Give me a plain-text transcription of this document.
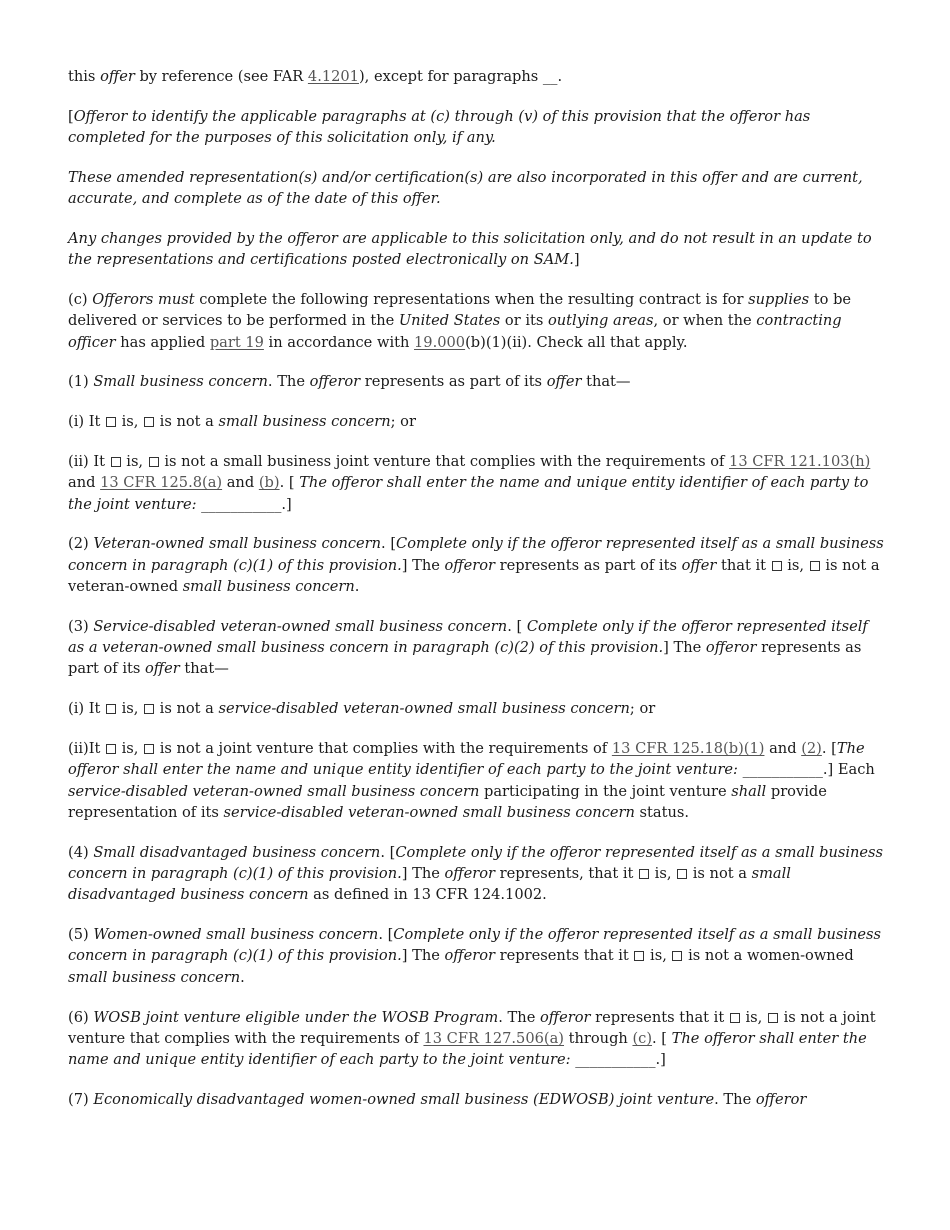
this offer by reference (see FAR 4.1201), except for paragraphs __.

[Offeror to identify the applicable paragraphs at (c) through (v) of this provision that the offeror has completed for the purposes of this solicitation only, if any.

These amended representation(s) and/or certification(s) are also incorporated in this offer and are current, accurate, and complete as of the date of this offer.

Any changes provided by the offeror are applicable to this solicitation only, and do not result in an update to the representations and certifications posted electronically on SAM.]

(c) Offerors must complete the following representations when the resulting contract is for supplies to be delivered or services to be performed in the United States or its outlying areas, or when the contracting officer has applied part 19 in accordance with 19.000(b)(1)(ii). Check all that apply.

(1) Small business concern. The offeror represents as part of its offer that—

(i) It  is,  is not a small business concern; or

(ii) It  is,  is not a small business joint venture that complies with the requirements of 13 CFR 121.103(h) and 13 CFR 125.8(a) and (b). [ The offeror shall enter the name and unique entity identifier of each party to the joint venture: ___________.]

(2) Veteran-owned small business concern. [Complete only if the offeror represented itself as a small business concern in paragraph (c)(1) of this provision.] The offeror represents as part of its offer that it  is,  is not a veteran-owned small business concern.

(3) Service-disabled veteran-owned small business concern. [ Complete only if the offeror represented itself as a veteran-owned small business concern in paragraph (c)(2) of this provision.] The offeror represents as part of its offer that—

(i) It  is,  is not a service-disabled veteran-owned small business concern; or

(ii)It  is,  is not a joint venture that complies with the requirements of 13 CFR 125.18(b)(1) and (2). [The offeror shall enter the name and unique entity identifier of each party to the joint venture: ___________.] Each service-disabled veteran-owned small business concern participating in the joint venture shall provide representation of its service-disabled veteran-owned small business concern status.

(4) Small disadvantaged business concern. [Complete only if the offeror represented itself as a small business concern in paragraph (c)(1) of this provision.] The offeror represents, that it  is,  is not a small disadvantaged business concern as defined in 13 CFR 124.1002.

(5) Women-owned small business concern. [Complete only if the offeror represented itself as a small business concern in paragraph (c)(1) of this provision.] The offeror represents that it  is,  is not a women-owned small business concern.

(6) WOSB joint venture eligible under the WOSB Program. The offeror represents that it  is,  is not a joint venture that complies with the requirements of 13 CFR 127.506(a) through (c). [ The offeror shall enter the name and unique entity identifier of each party to the joint venture: ___________.]

(7) Economically disadvantaged women-owned small business (EDWOSB) joint venture. The offeror
